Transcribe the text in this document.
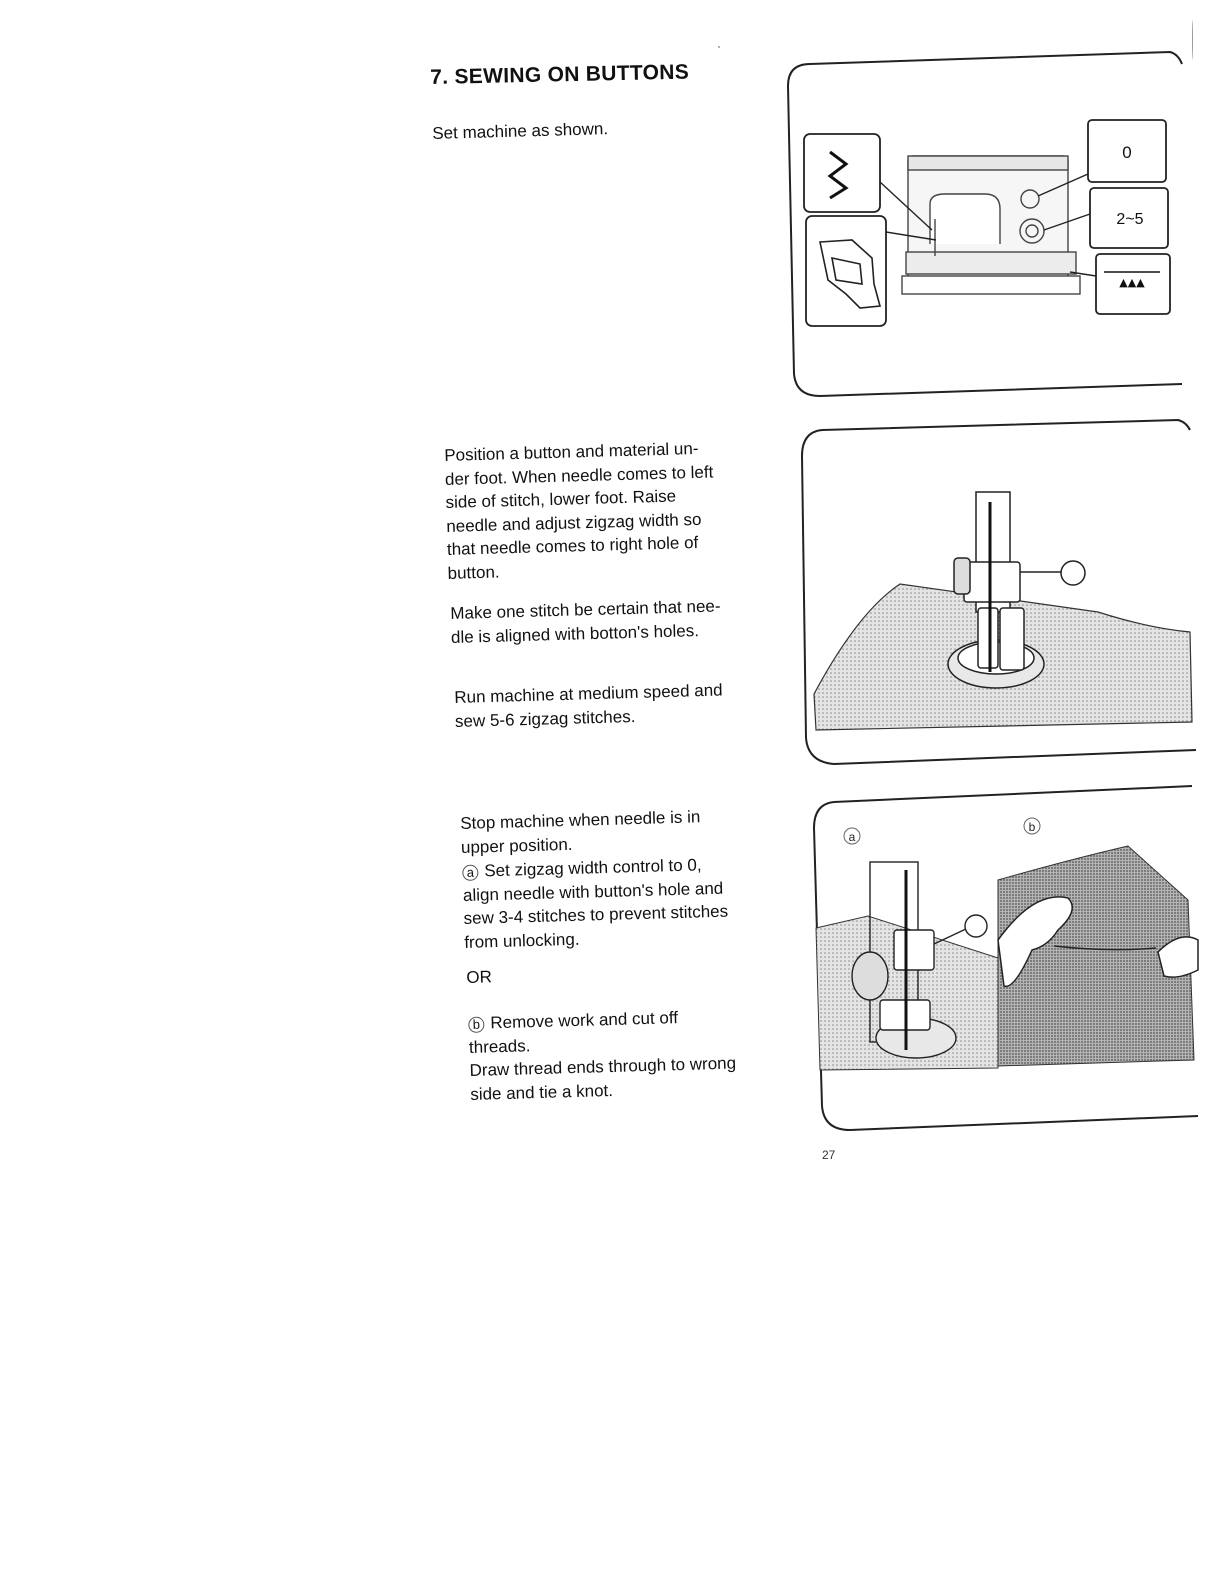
7. SEWING ON BUTTONS
Set machine as shown.
Position a button and material un-
der foot. When needle comes to left
side of stitch, lower foot. Raise
needle and adjust zigzag width so
that needle comes to right hole of
button.
Make one stitch be certain that nee-
dle is aligned with botton's holes.
Run machine at medium speed and
sew 5-6 zigzag stitches.
Stop machine when needle is in
upper position.
a Set zigzag width control to 0,
align needle with button's hole and
sew 3-4 stitches to prevent stitches
from unlocking.
OR
b Remove work and cut off
threads.
Draw thread ends through to wrong
side and tie a knot.
0
2~5
▲▲▲
a
b
27
